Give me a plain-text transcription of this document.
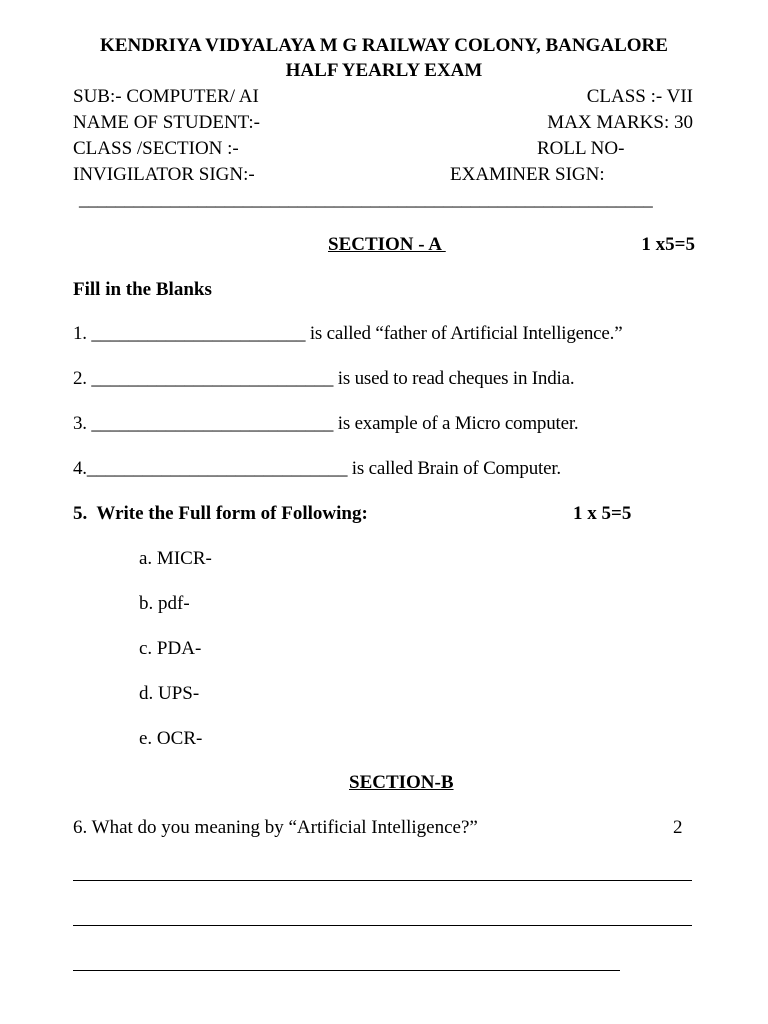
KENDRIYA VIDYALAYA M G RAILWAY COLONY, BANGALORE
HALF YEARLY EXAM
SUB:- COMPUTER/ AI	CLASS :- VII
NAME OF STUDENT:-	MAX MARKS: 30
CLASS /SECTION :-	ROLL NO-
INVIGILATOR SIGN:-	EXAMINER SIGN:
_______________________________________________________________
SECTION - A	1 x5=5
Fill in the Blanks
1. _______________________ is called “father of Artificial Intelligence.”
2. __________________________ is used to read cheques in India.
3. __________________________ is example of a Micro computer.
4.____________________________ is called Brain of Computer.
5.  Write the Full form of Following:	1 x 5=5
a. MICR-
b. pdf-
c. PDA-
d. UPS-
e. OCR-
SECTION-B
6. What do you meaning by “Artificial Intelligence?”	2
